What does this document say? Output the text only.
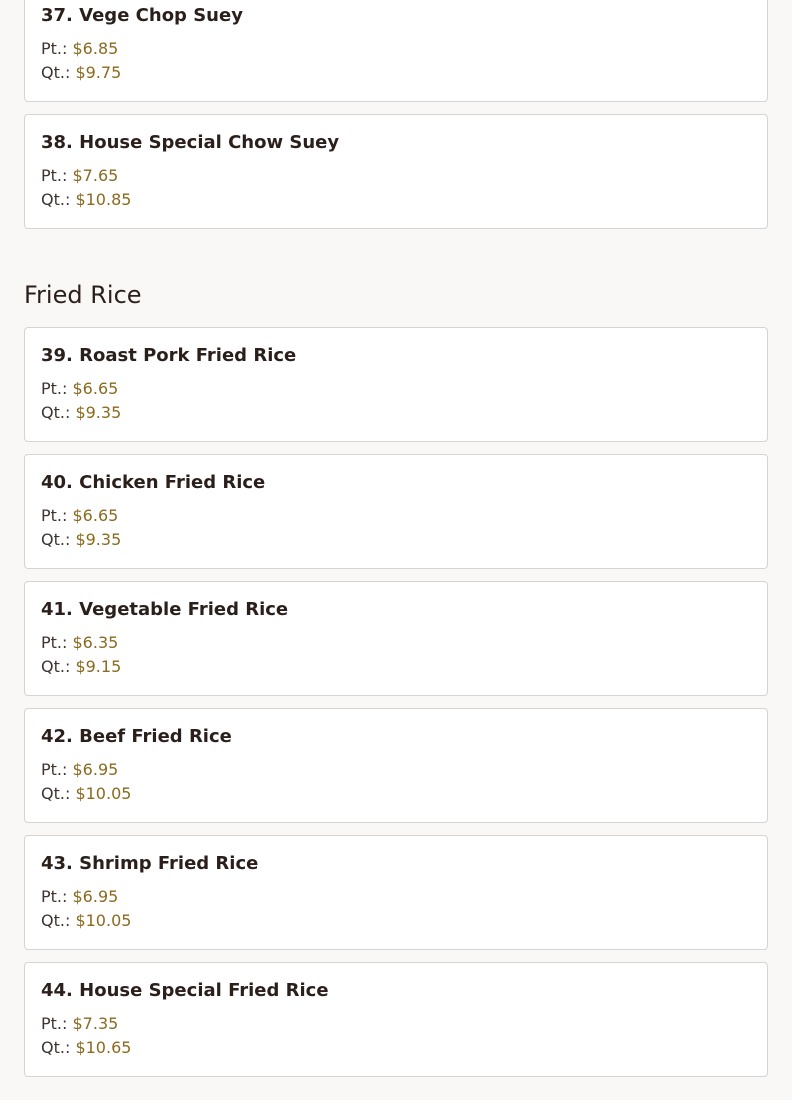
37. Vege Chop Suey
Pt.: $6.85
Qt.: $9.75
38. House Special Chow Suey
Pt.: $7.65
Qt.: $10.85
Fried Rice
39. Roast Pork Fried Rice
Pt.: $6.65
Qt.: $9.35
40. Chicken Fried Rice
Pt.: $6.65
Qt.: $9.35
41. Vegetable Fried Rice
Pt.: $6.35
Qt.: $9.15
42. Beef Fried Rice
Pt.: $6.95
Qt.: $10.05
43. Shrimp Fried Rice
Pt.: $6.95
Qt.: $10.05
44. House Special Fried Rice
Pt.: $7.35
Qt.: $10.65
